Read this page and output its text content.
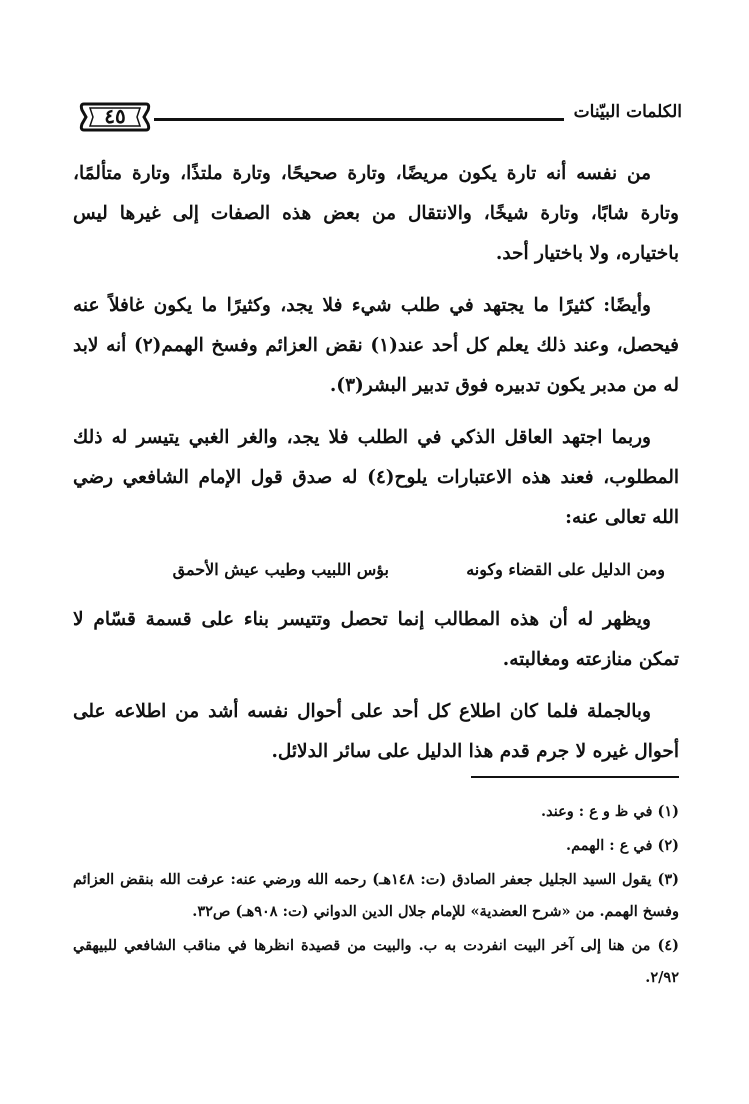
الكلمات البيّنات
٤٥

من نفسه أنه تارة يكون مريضًا، وتارة صحيحًا، وتارة ملتذًا، وتارة متألمًا، وتارة شابًا، وتارة شيخًا، والانتقال من بعض هذه الصفات إلى غيرها ليس باختياره، ولا باختيار أحد.

وأيضًا: كثيرًا ما يجتهد في طلب شيء فلا يجد، وكثيرًا ما يكون غافلاً عنه فيحصل، وعند ذلك يعلم كل أحد عند(١) نقض العزائم وفسخ الهمم(٢) أنه لابد له من مدبر يكون تدبيره فوق تدبير البشر(٣).

وربما اجتهد العاقل الذكي في الطلب فلا يجد، والغر الغبي يتيسر له ذلك المطلوب، فعند هذه الاعتبارات يلوح(٤) له صدق قول الإمام الشافعي رضي الله تعالى عنه:

ومن الدليل على القضاء وكونه
بؤس اللبيب وطيب عيش الأحمق

ويظهر له أن هذه المطالب إنما تحصل وتتيسر بناء على قسمة قسّام لا تمكن منازعته ومغالبته.

وبالجملة فلما كان اطلاع كل أحد على أحوال نفسه أشد من اطلاعه على أحوال غيره لا جرم قدم هذا الدليل على سائر الدلائل.

(١) في ظ و ع : وعند.

(٢) في ع : الهمم.

(٣) يقول السيد الجليل جعفر الصادق (ت: ١٤٨هـ) رحمه الله ورضي عنه: عرفت الله بنقض العزائم وفسخ الهمم. من «شرح العضدية» للإمام جلال الدين الدواني (ت: ٩٠٨هـ) ص٣٢.

(٤) من هنا إلى آخر البيت انفردت به ب. والبيت من قصيدة انظرها في مناقب الشافعي للبيهقي ٢/٩٢.
